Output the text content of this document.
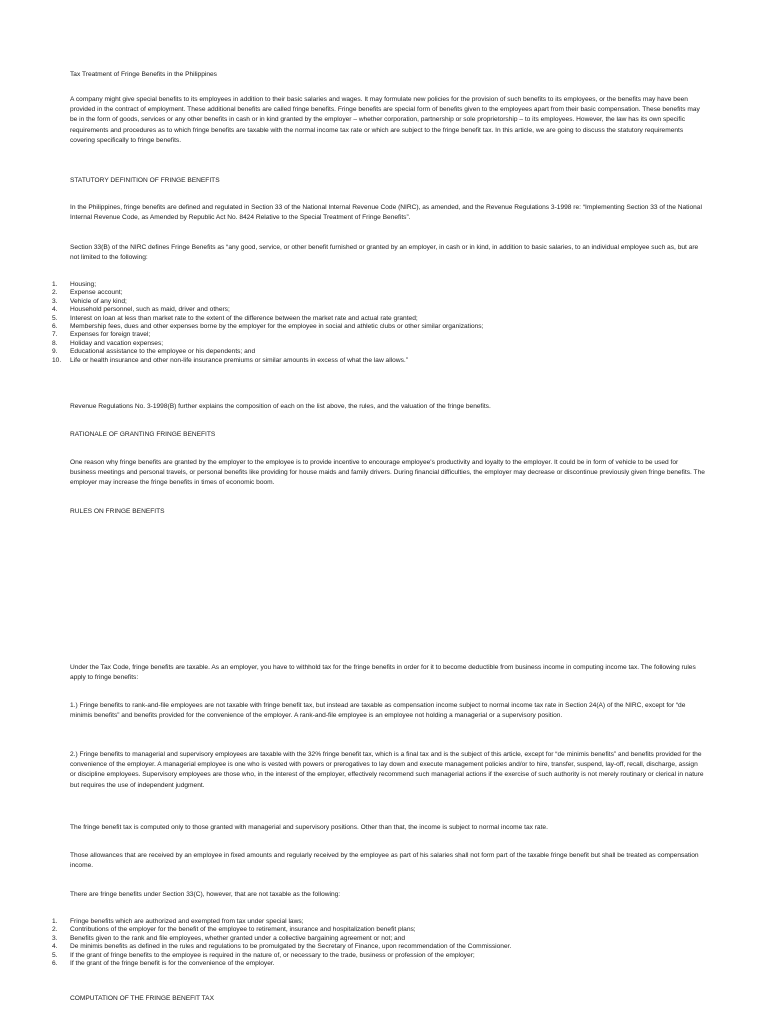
Tax Treatment of Fringe Benefits in the Philippines

A company might give special benefits to its employees in addition to their basic salaries and wages. It may formulate new policies for the provision of such benefits to its employees, or the benefits may have been provided in the contract of employment. These additional benefits are called fringe benefits. Fringe benefits are special form of benefits given to the employees apart from their basic compensation. These benefits may be in the form of goods, services or any other benefits in cash or in kind granted by the employer – whether corporation, partnership or sole proprietorship – to its employees. However, the law has its own specific requirements and procedures as to which fringe benefits are taxable with the normal income tax rate or which are subject to the fringe benefit tax. In this article, we are going to discuss the statutory requirements covering specifically to fringe benefits.

STATUTORY DEFINITION OF FRINGE BENEFITS

In the Philippines, fringe benefits are defined and regulated in Section 33 of the National Internal Revenue Code (NIRC), as amended, and the Revenue Regulations 3-1998 re: “Implementing Section 33 of the National Internal Revenue Code, as Amended by Republic Act No. 8424 Relative to the Special Treatment of Fringe Benefits”.

Section 33(B) of the NIRC defines Fringe Benefits as “any good, service, or other benefit furnished or granted by an employer, in cash or in kind, in addition to basic salaries, to an individual employee such as, but are not limited to the following:

1. Housing;
2. Expense account;
3. Vehicle of any kind;
4. Household personnel, such as maid, driver and others;
5. Interest on loan at less than market rate to the extent of the difference between the market rate and actual rate granted;
6. Membership fees, dues and other expenses borne by the employer for the employee in social and athletic clubs or other similar organizations;
7. Expenses for foreign travel;
8. Holiday and vacation expenses;
9. Educational assistance to the employee or his dependents; and
10. Life or health insurance and other non-life insurance premiums or similar amounts in excess of what the law allows.”

Revenue Regulations No. 3-1998(B) further explains the composition of each on the list above, the rules, and the valuation of the fringe benefits.

RATIONALE OF GRANTING FRINGE BENEFITS

One reason why fringe benefits are granted by the employer to the employee is to provide incentive to encourage employee's productivity and loyalty to the employer. It could be in form of vehicle to be used for business meetings and personal travels, or personal benefits like providing for house maids and family drivers. During financial difficulties, the employer may decrease or discontinue previously given fringe benefits. The employer may increase the fringe benefits in times of economic boom.

RULES ON FRINGE BENEFITS

Under the Tax Code, fringe benefits are taxable. As an employer, you have to withhold tax for the fringe benefits in order for it to become deductible from business income in computing income tax. The following rules apply to fringe benefits:

1.) Fringe benefits to rank-and-file employees are not taxable with fringe benefit tax, but instead are taxable as compensation income subject to normal income tax rate in Section 24(A) of the NIRC, except for “de minimis benefits” and benefits provided for the convenience of the employer. A rank-and-file employee is an employee not holding a managerial or a supervisory position.

2.) Fringe benefits to managerial and supervisory employees are taxable with the 32% fringe benefit tax, which is a final tax and is the subject of this article, except for “de minimis benefits” and benefits provided for the convenience of the employer. A managerial employee is one who is vested with powers or prerogatives to lay down and execute management policies and/or to hire, transfer, suspend, lay-off, recall, discharge, assign or discipline employees. Supervisory employees are those who, in the interest of the employer, effectively recommend such managerial actions if the exercise of such authority is not merely routinary or clerical in nature but requires the use of independent judgment.

The fringe benefit tax is computed only to those granted with managerial and supervisory positions. Other than that, the income is subject to normal income tax rate.

Those allowances that are received by an employee in fixed amounts and regularly received by the employee as part of his salaries shall not form part of the taxable fringe benefit but shall be treated as compensation income.

There are fringe benefits under Section 33(C), however, that are not taxable as the following:

1. Fringe benefits which are authorized and exempted from tax under special laws;
2. Contributions of the employer for the benefit of the employee to retirement, insurance and hospitalization benefit plans;
3. Benefits given to the rank and file employees, whether granted under a collective bargaining agreement or not; and
4. De minimis benefits as defined in the rules and regulations to be promulgated by the Secretary of Finance, upon recommendation of the Commissioner.
5. If the grant of fringe benefits to the employee is required in the nature of, or necessary to the trade, business or profession of the employer;
6. If the grant of the fringe benefit is for the convenience of the employer.

COMPUTATION OF THE FRINGE BENEFIT TAX
